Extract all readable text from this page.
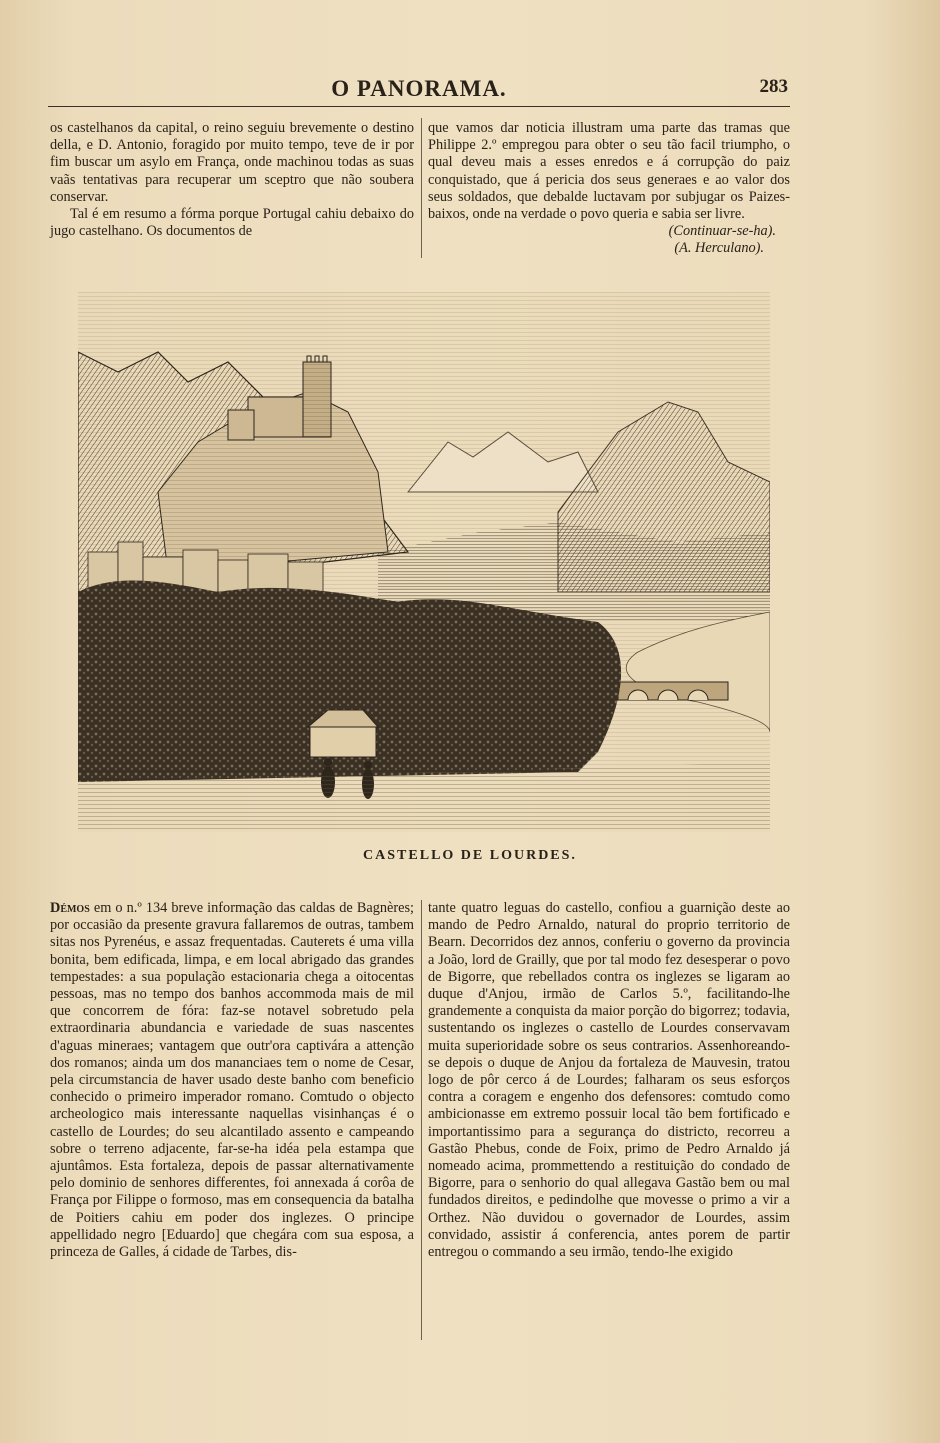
O PANORAMA.	283

os castelhanos da capital, o reino seguiu brevemente o destino della, e D. Antonio, foragido por muito tempo, teve de ir por fim buscar um asylo em França, onde machinou todas as suas vaãs tentativas para recuperar um sceptro que não soubera conservar.

Tal é em resumo a fórma porque Portugal cahiu debaixo do jugo castelhano. Os documentos de

que vamos dar noticia illustram uma parte das tramas que Philippe 2.º empregou para obter o seu tão facil triumpho, o qual deveu mais a esses enredos e á corrupção do paiz conquistado, que á pericia dos seus generaes e ao valor dos seus soldados, que debalde luctavam por subjugar os Paizes-baixos, onde na verdade o povo queria e sabia ser livre.

(Continuar-se-ha).

(A. Herculano).

CASTELLO DE LOURDES.

Démos em o n.º 134 breve informação das caldas de Bagnères; por occasião da presente gravura fallaremos de outras, tambem sitas nos Pyrenéus, e assaz frequentadas. Cauterets é uma villa bonita, bem edificada, limpa, e em local abrigado das grandes tempestades: a sua população estacionaria chega a oitocentas pessoas, mas no tempo dos banhos accommoda mais de mil que concorrem de fóra: faz-se notavel sobretudo pela extraordinaria abundancia e variedade de suas nascentes d'aguas mineraes; vantagem que outr'ora captivára a attenção dos romanos; ainda um dos mananciaes tem o nome de Cesar, pela circumstancia de haver usado deste banho com beneficio conhecido o primeiro imperador romano. Comtudo o objecto archeologico mais interessante naquellas visinhanças é o castello de Lourdes; do seu alcantilado assento e campeando sobre o terreno adjacente, far-se-ha idéa pela estampa que ajuntâmos. Esta fortaleza, depois de passar alternativamente pelo dominio de senhores differentes, foi annexada á corôa de França por Filippe o formoso, mas em consequencia da batalha de Poitiers cahiu em poder dos inglezes. O principe appellidado negro [Eduardo] que chegára com sua esposa, a princeza de Galles, á cidade de Tarbes, dis-

tante quatro leguas do castello, confiou a guarnição deste ao mando de Pedro Arnaldo, natural do proprio territorio de Bearn. Decorridos dez annos, conferiu o governo da provincia a João, lord de Grailly, que por tal modo fez desesperar o povo de Bigorre, que rebellados contra os inglezes se ligaram ao duque d'Anjou, irmão de Carlos 5.º, facilitando-lhe grandemente a conquista da maior porção do bigorrez; todavia, sustentando os inglezes o castello de Lourdes conservavam muita superioridade sobre os seus contrarios. Assenhoreando-se depois o duque de Anjou da fortaleza de Mauvesin, tratou logo de pôr cerco á de Lourdes; falharam os seus esforços contra a coragem e engenho dos defensores: comtudo como ambicionasse em extremo possuir local tão bem fortificado e importantissimo para a segurança do districto, recorreu a Gastão Phebus, conde de Foix, primo de Pedro Arnaldo já nomeado acima, prommettendo a restituição do condado de Bigorre, para o senhorio do qual allegava Gastão bem ou mal fundados direitos, e pedindolhe que movesse o primo a vir a Orthez. Não duvidou o governador de Lourdes, assim convidado, assistir á conferencia, antes porem de partir entregou o commando a seu irmão, tendo-lhe exigido
